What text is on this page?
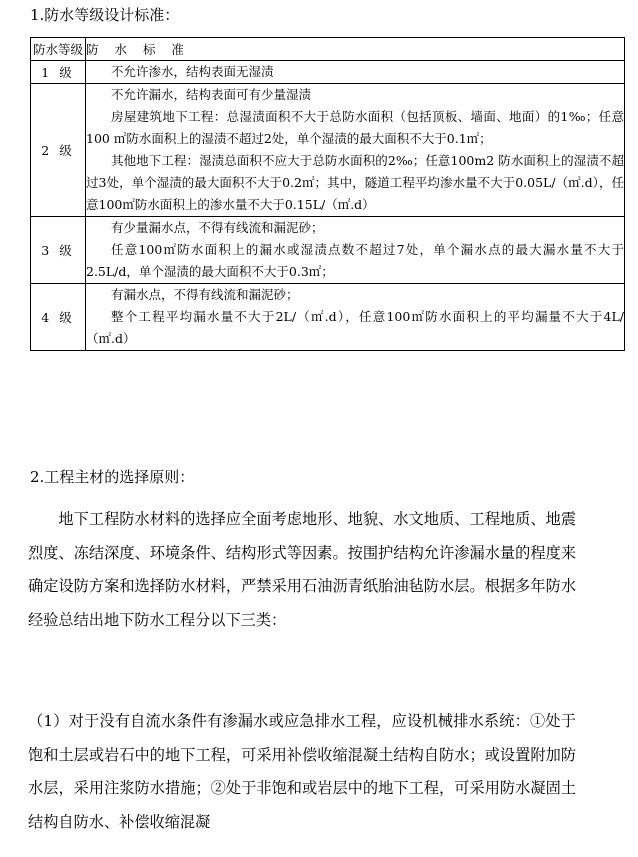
1.防水等级设计标准：
防水等级	防 水 标 准
1 级	不允许渗水，结构表面无湿渍

2 级	不允许漏水，结构表面可有少量湿渍

房屋建筑地下工程：总湿渍面积不大于总防水面积（包括顶板、墙面、地面）的1‰；任意100 ㎡防水面积上的湿渍不超过2处，单个湿渍的最大面积不大于0.1㎡；

其他地下工程：湿渍总面积不应大于总防水面积的2‰；任意100m2 防水面积上的湿渍不超过3处，单个湿渍的最大面积不大于0.2㎡；其中，隧道工程平均渗水量不大于0.05L/（㎡.d），任意100㎡防水面积上的渗水量不大于0.15L/（㎡.d）

3 级	有少量漏水点，不得有线流和漏泥砂；

任意100㎡防水面积上的漏水或湿渍点数不超过7处，单个漏水点的最大漏水量不大于2.5L/d，单个湿渍的最大面积不大于0.3㎡；

4 级	有漏水点，不得有线流和漏泥砂；

整个工程平均漏水量不大于2L/（㎡.d），任意100㎡防水面积上的平均漏量不大于4L/（㎡.d）

2.工程主材的选择原则：

地下工程防水材料的选择应全面考虑地形、地貌、水文地质、工程地质、地震烈度、冻结深度、环境条件、结构形式等因素。按围护结构允许渗漏水量的程度来确定设防方案和选择防水材料，严禁采用石油沥青纸胎油毡防水层。根据多年防水经验总结出地下防水工程分以下三类：

（1）对于没有自流水条件有渗漏水或应急排水工程，应设机械排水系统：①处于饱和土层或岩石中的地下工程，可采用补偿收缩混凝土结构自防水；或设置附加防水层，采用注浆防水措施；②处于非饱和或岩层中的地下工程，可采用防水凝固土结构自防水、补偿收缩混凝
